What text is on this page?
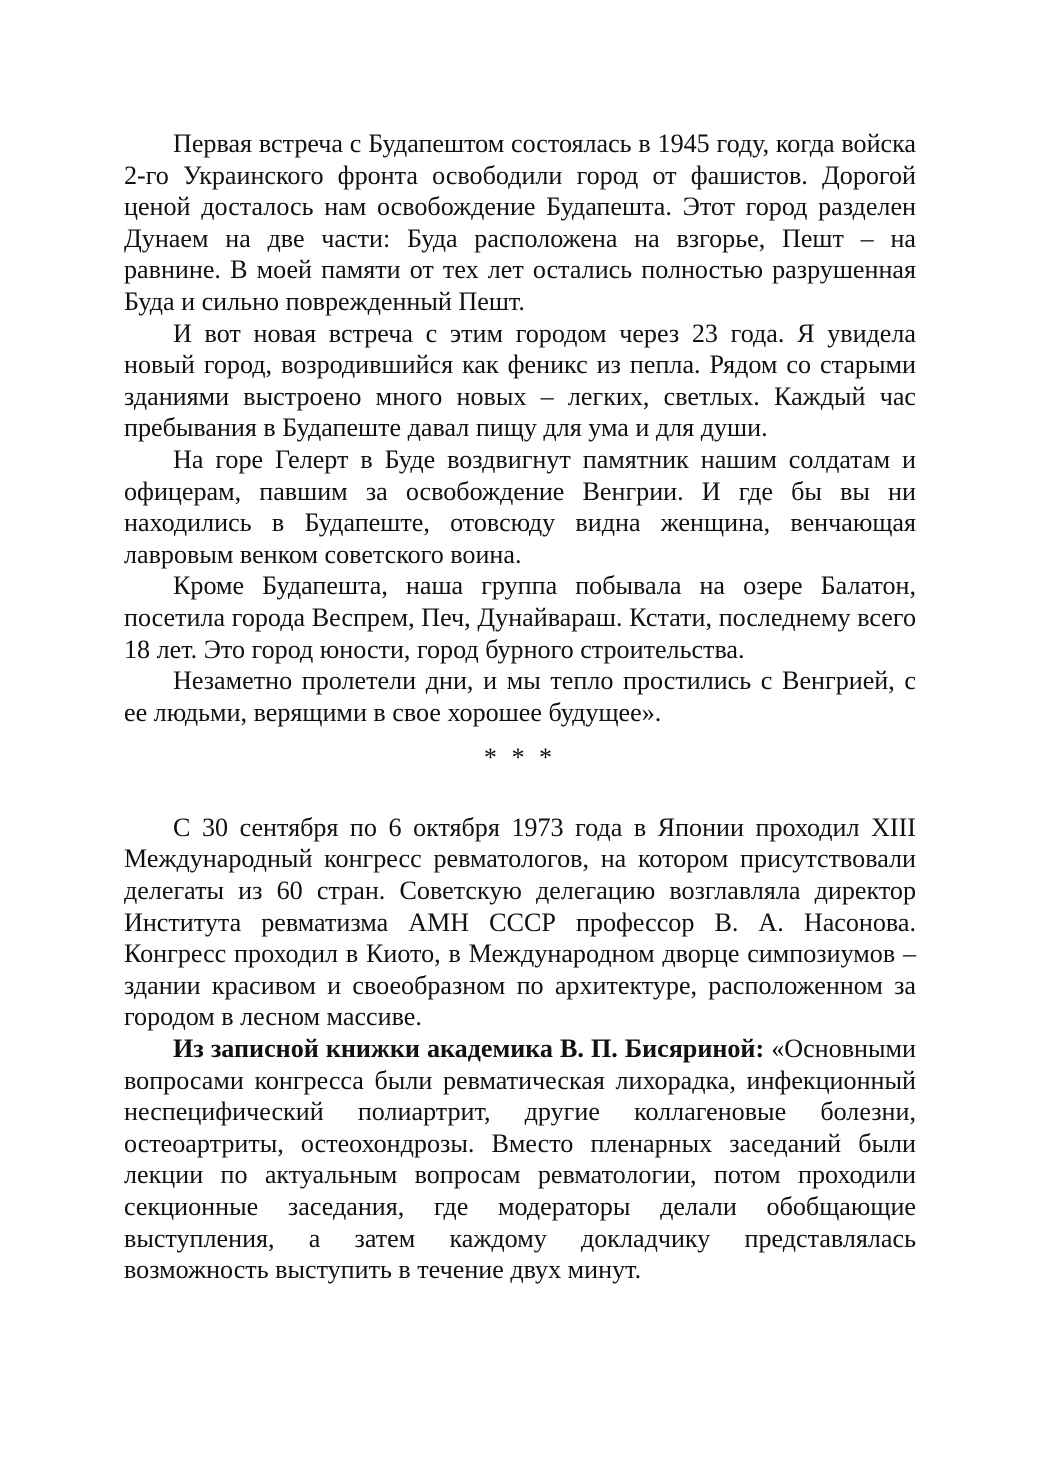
Первая встреча с Будапештом состоялась в 1945 году, когда войска 2-го Украинского фронта освободили город от фашистов. Дорогой ценой досталось нам освобождение Будапешта. Этот город разделен Дунаем на две части: Буда расположена на взгорье, Пешт – на равнине. В моей памяти от тех лет остались полностью разрушенная Буда и сильно поврежденный Пешт.

И вот новая встреча с этим городом через 23 года. Я увидела новый город, возродившийся как феникс из пепла. Рядом со старыми зданиями выстроено много новых – легких, светлых. Каждый час пребывания в Будапеште давал пищу для ума и для души.

На горе Гелерт в Буде воздвигнут памятник нашим солдатам и офицерам, павшим за освобождение Венгрии. И где бы вы ни находились в Будапеште, отовсюду видна женщина, венчающая лавровым венком советского воина.

Кроме Будапешта, наша группа побывала на озере Балатон, посетила города Веспрем, Печ, Дунайвараш. Кстати, последнему всего 18 лет. Это город юности, город бурного строительства.

Незаметно пролетели дни, и мы тепло простились с Венгрией, с ее людьми, верящими в свое хорошее будущее».

* * *

С 30 сентября по 6 октября 1973 года в Японии проходил XIII Международный конгресс ревматологов, на котором присутствовали делегаты из 60 стран. Советскую делегацию возглавляла директор Института ревматизма АМН СССР профессор В. А. Насонова. Конгресс проходил в Киото, в Международном дворце симпозиумов – здании красивом и своеобразном по архитектуре, расположенном за городом в лесном массиве.

Из записной книжки академика В. П. Бисяриной: «Основными вопросами конгресса были ревматическая лихорадка, инфекционный неспецифический полиартрит, другие коллагеновые болезни, остеоартриты, остеохондрозы. Вместо пленарных заседаний были лекции по актуальным вопросам ревматологии, потом проходили секционные заседания, где модераторы делали обобщающие выступления, а затем каждому докладчику представлялась возможность выступить в течение двух минут.
